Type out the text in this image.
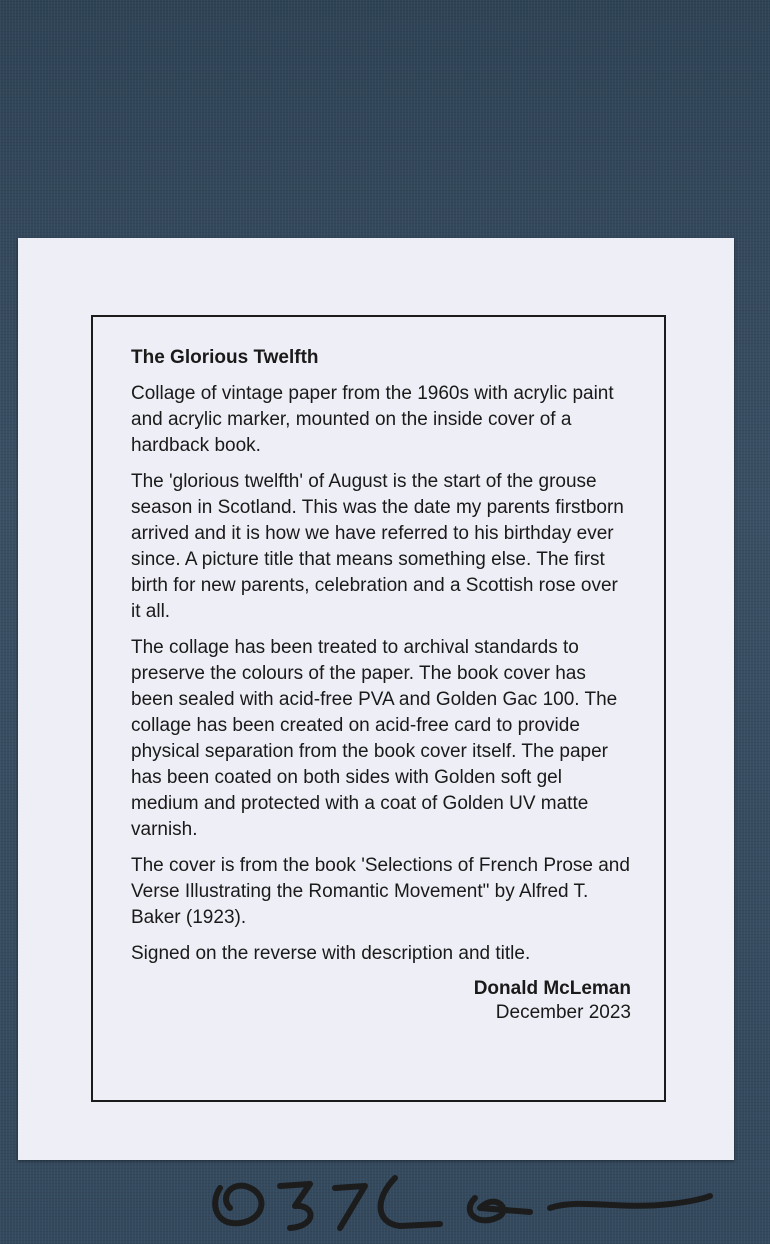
The Glorious Twelfth

Collage of vintage paper from the 1960s with acrylic paint and acrylic marker, mounted on the inside cover of a hardback book.

The 'glorious twelfth' of August is the start of the grouse season in Scotland. This was the date my parents firstborn arrived and it is how we have referred to his birthday ever since. A picture title that means something else. The first birth for new parents, celebration and a Scottish rose over it all.

The collage has been treated to archival standards to preserve the colours of the paper. The book cover has been sealed with acid-free PVA and Golden Gac 100. The collage has been created on acid-free card to provide physical separation from the book cover itself. The paper has been coated on both sides with Golden soft gel medium and protected with a coat of Golden UV matte varnish.

The cover is from the book 'Selections of French Prose and Verse Illustrating the Romantic Movement" by Alfred T. Baker (1923).

Signed on the reverse with description and title.

Donald McLeman
December 2023
